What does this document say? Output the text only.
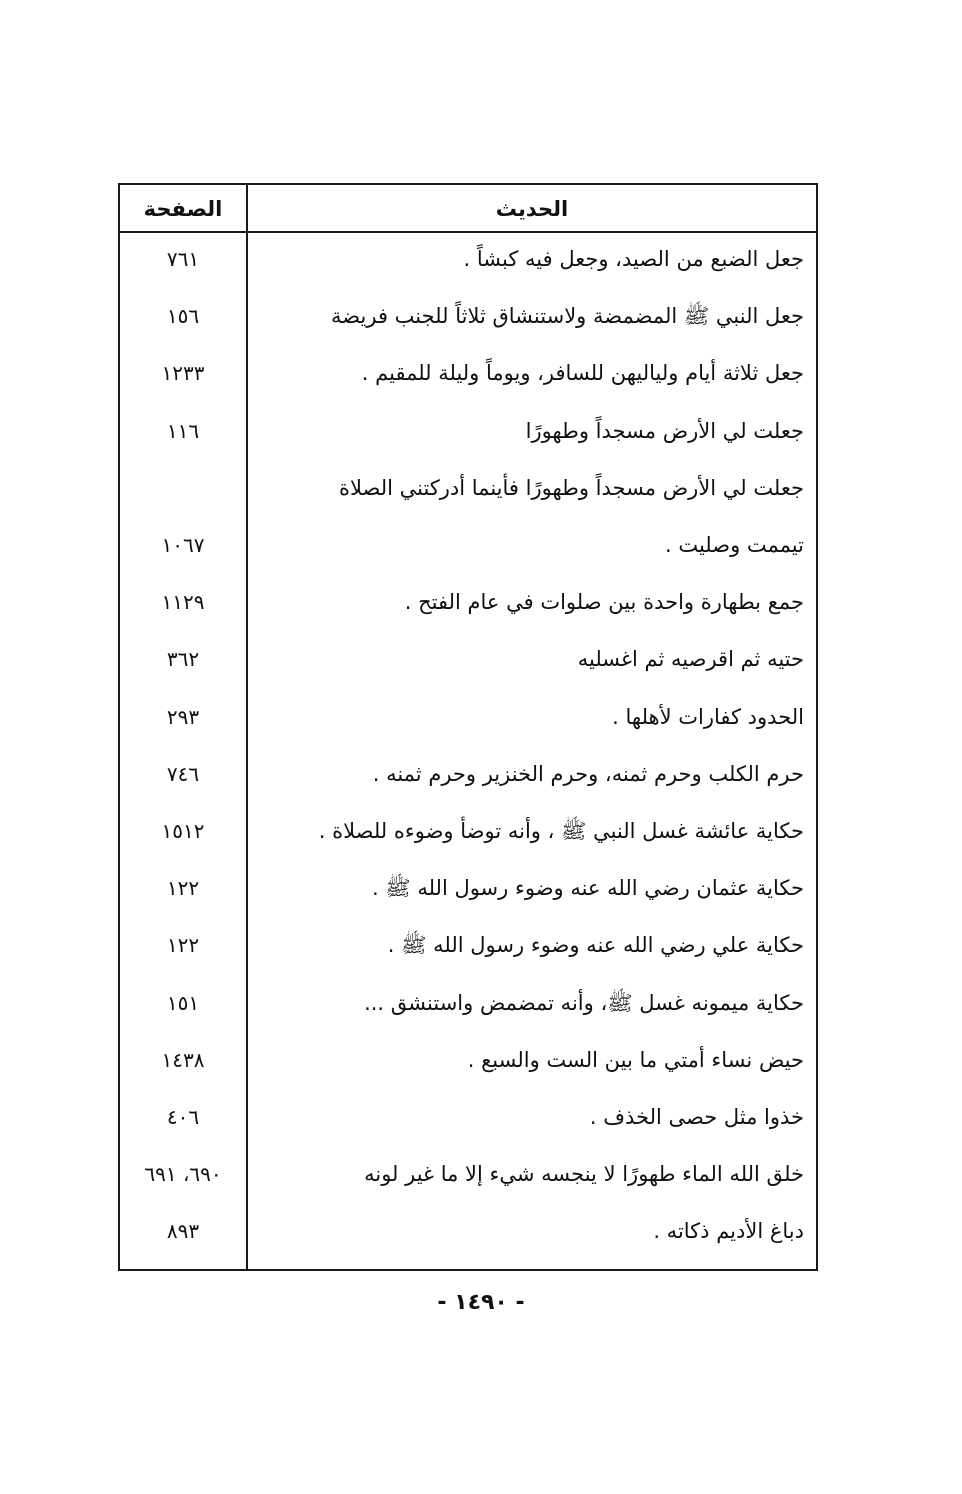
الحديث
الصفحة
جعل الضبع من الصيد، وجعل فيه كبشاً .
٧٦١
جعل النبي ﷺ المضمضة ولاستنشاق ثلاثاً للجنب فريضة
١٥٦
جعل ثلاثة أيام ولياليهن للسافر، ويوماً وليلة للمقيم .
١٢٣٣
جعلت لي الأرض مسجداً وطهورًا
١١٦
جعلت لي الأرض مسجداً وطهورًا فأينما أدركتني الصلاة
تيممت وصليت .
١٠٦٧
جمع بطهارة واحدة بين صلوات في عام الفتح .
١١٢٩
حتيه ثم اقرصيه ثم اغسليه
٣٦٢
الحدود كفارات لأهلها .
٢٩٣
حرم الكلب وحرم ثمنه، وحرم الخنزير وحرم ثمنه .
٧٤٦
حكاية عائشة غسل النبي ﷺ ، وأنه توضأ وضوءه للصلاة .
١٥١٢
حكاية عثمان رضي الله عنه وضوء رسول الله ﷺ .
١٢٢
حكاية علي رضي الله عنه وضوء رسول الله ﷺ .
١٢٢
حكاية ميمونه غسل ﷺ، وأنه تمضمض واستنشق ...
١٥١
حيض نساء أمتي ما بين الست والسبع .
١٤٣٨
خذوا مثل حصى الخذف .
٤٠٦
خلق الله الماء طهورًا لا ينجسه شيء إلا ما غير لونه
٦٩٠، ٦٩١
دباغ الأديم ذكاته .
٨٩٣
- ١٤٩٠ -
